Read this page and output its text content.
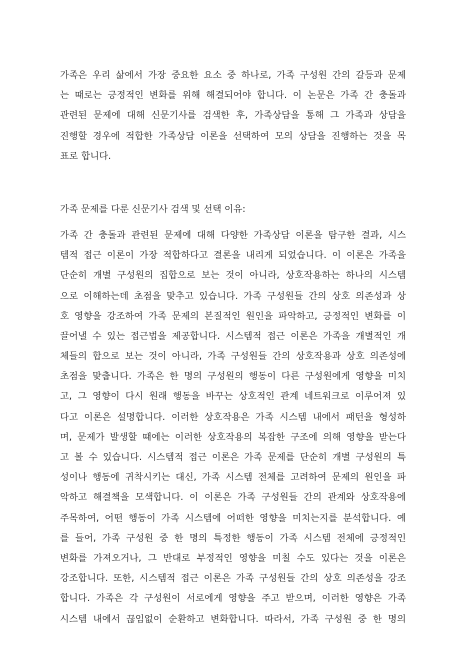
가족은 우리 삶에서 가장 중요한 요소 중 하나로, 가족 구성원 간의 갈등과 문제
는 때로는 긍정적인 변화를 위해 해결되어야 합니다. 이 논문은 가족 간 충돌과
관련된 문제에 대해 신문기사를 검색한 후, 가족상담을 통해 그 가족과 상담을
진행할 경우에 적합한 가족상담 이론을 선택하여 모의 상담을 진행하는 것을 목
표로 합니다.
가족 문제를 다룬 신문기사 검색 및 선택 이유:
가족 간 충돌과 관련된 문제에 대해 다양한 가족상담 이론을 탐구한 결과, 시스
템적 접근 이론이 가장 적합하다고 결론을 내리게 되었습니다. 이 이론은 가족을
단순히 개별 구성원의 집합으로 보는 것이 아니라, 상호작용하는 하나의 시스템
으로 이해하는데 초점을 맞추고 있습니다. 가족 구성원들 간의 상호 의존성과 상
호 영향을 강조하여 가족 문제의 본질적인 원인을 파악하고, 긍정적인 변화를 이
끌어낼 수 있는 접근법을 제공합니다. 시스템적 접근 이론은 가족을 개별적인 개
체들의 합으로 보는 것이 아니라, 가족 구성원들 간의 상호작용과 상호 의존성에
초점을 맞춥니다. 가족은 한 명의 구성원의 행동이 다른 구성원에게 영향을 미치
고, 그 영향이 다시 원래 행동을 바꾸는 상호적인 관계 네트워크로 이루어져 있
다고 이론은 설명합니다. 이러한 상호작용은 가족 시스템 내에서 패턴을 형성하
며, 문제가 발생할 때에는 이러한 상호작용의 복잡한 구조에 의해 영향을 받는다
고 볼 수 있습니다. 시스템적 접근 이론은 가족 문제를 단순히 개별 구성원의 특
성이나 행동에 귀착시키는 대신, 가족 시스템 전체를 고려하여 문제의 원인을 파
악하고 해결책을 모색합니다. 이 이론은 가족 구성원들 간의 관계와 상호작용에
주목하여, 어떤 행동이 가족 시스템에 어떠한 영향을 미치는지를 분석합니다. 예
를 들어, 가족 구성원 중 한 명의 특정한 행동이 가족 시스템 전체에 긍정적인
변화를 가져오거나, 그 반대로 부정적인 영향을 미칠 수도 있다는 것을 이론은
강조합니다. 또한, 시스템적 접근 이론은 가족 구성원들 간의 상호 의존성을 강조
합니다. 가족은 각 구성원이 서로에게 영향을 주고 받으며, 이러한 영향은 가족
시스템 내에서 끊임없이 순환하고 변화합니다. 따라서, 가족 구성원 중 한 명의
